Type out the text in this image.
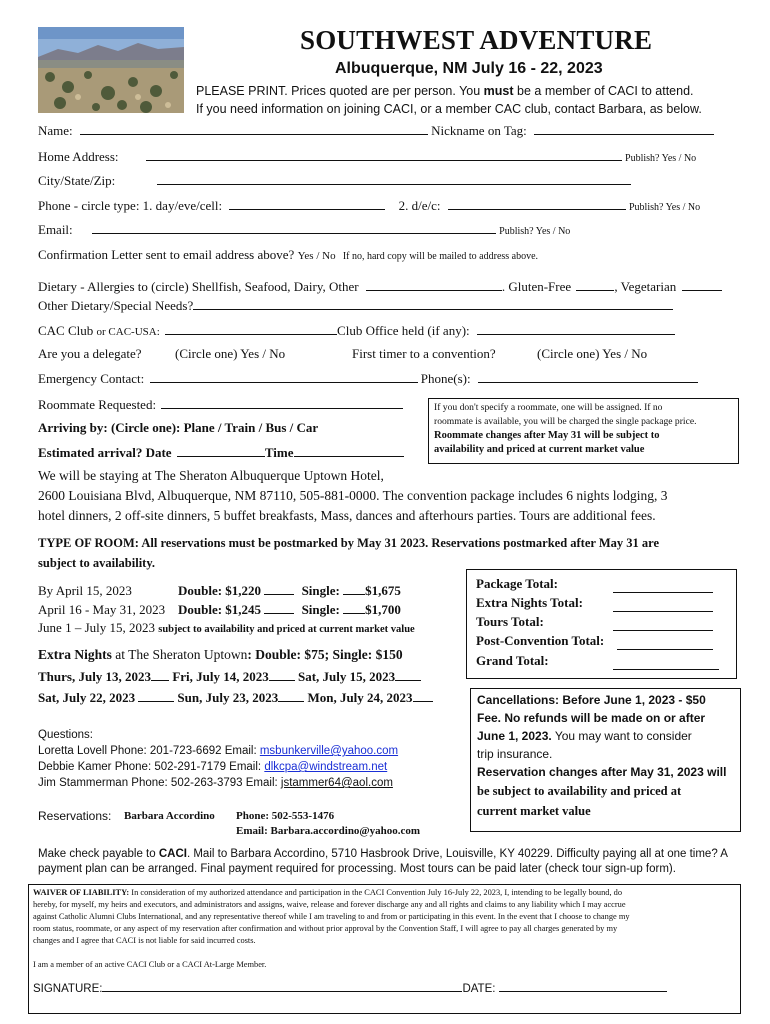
SOUTHWEST ADVENTURE
Albuquerque, NM July 16 - 22, 2023
PLEASE PRINT. Prices quoted are per person. You must be a member of CACI to attend.
If you need information on joining CACI, or a member CAC club, contact Barbara, as below.
Name:	Nickname on Tag:
Home Address:	Publish? Yes / No
City/State/Zip:
Phone - circle type: 1. day/eve/cell:	2. d/e/c:	Publish? Yes / No
Email:	Publish? Yes / No
Confirmation Letter sent to email address above? Yes / No If no, hard copy will be mailed to address above.
Dietary - Allergies to (circle) Shellfish, Seafood, Dairy, Other	. Gluten-Free	, Vegetarian
Other Dietary/Special Needs?
CAC Club or CAC-USA:	Club Office held (if any):
Are you a delegate?	(Circle one) Yes / No	First timer to a convention?	(Circle one) Yes / No
Emergency Contact:	Phone(s):
Roommate Requested:
Arriving by: (Circle one): Plane / Train / Bus / Car
Estimated arrival? Date	Time
If you don't specify a roommate, one will be assigned. If no
roommate is available, you will be charged the single package price.
Roommate changes after May 31 will be subject to
availability and priced at current market value
We will be staying at The Sheraton Albuquerque Uptown Hotel,
2600 Louisiana Blvd, Albuquerque, NM 87110, 505-881-0000. The convention package includes 6 nights lodging, 3
hotel dinners, 2 off-site dinners, 5 buffet breakfasts, Mass, dances and afterhours parties. Tours are additional fees.
TYPE OF ROOM: All reservations must be postmarked by May 31 2023. Reservations postmarked after May 31 are
subject to availability.
By April 15, 2023	Double: $1,220	Single: $1,675
April 16 - May 31, 2023 Double: $1,245	Single: $1,700
June 1 – July 15, 2023 subject to availability and priced at current market value
Extra Nights at The Sheraton Uptown: Double: $75; Single: $150
Thurs, July 13, 2023 Fri, July 14, 2023 Sat, July 15, 2023
Sat, July 22, 2023	Sun, July 23, 2023 Mon, July 24, 2023
Package Total:
Extra Nights Total:
Tours Total:
Post-Convention Total:
Grand Total:
Cancellations: Before June 1, 2023 - $50
Fee. No refunds will be made on or after
June 1, 2023. You may want to consider
trip insurance.
Reservation changes after May 31, 2023 will
be subject to availability and priced at
current market value
Questions:
Loretta Lovell Phone: 201-723-6692 Email: msbunkerville@yahoo.com
Debbie Kamer Phone: 502-291-7179 Email: dlkcpa@windstream.net
Jim Stammerman Phone: 502-263-3793 Email: jstammer64@aol.com
Reservations: Barbara Accordino Phone: 502-553-1476
Email: Barbara.accordino@yahoo.com
Make check payable to CACI. Mail to Barbara Accordino, 5710 Hasbrook Drive, Louisville, KY 40229. Difficulty paying all at one time? A
payment plan can be arranged. Final payment required for processing. Most tours can be paid later (check tour sign-up form).
WAIVER OF LIABILITY: In consideration of my authorized attendance and participation in the CACI Convention July 16-July 22, 2023, I, intending to be legally bound, do
hereby, for myself, my heirs and executors, and administrators and assigns, waive, release and forever discharge any and all rights and claims to any liability which I may accrue
against Catholic Alumni Clubs International, and any representative thereof while I am traveling to and from or participating in this event. In the event that I choose to change my
room status, roommate, or any aspect of my reservation after confirmation and without prior approval by the Convention Staff, I will agree to pay all charges generated by my
changes and I agree that CACI is not liable for said incurred costs.
I am a member of an active CACI Club or a CACI At-Large Member.
SIGNATURE:	DATE:
